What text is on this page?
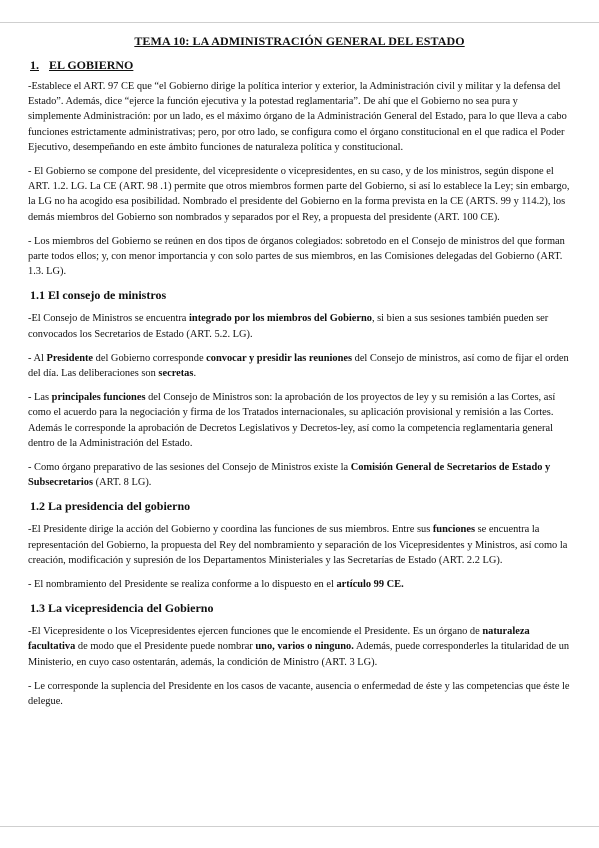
TEMA 10: LA ADMINISTRACIÓN GENERAL DEL ESTADO
1. EL GOBIERNO

-Establece el ART. 97 CE que “el Gobierno dirige la política interior y exterior, la Administración civil y militar y la defensa del Estado”. Además, dice “ejerce la función ejecutiva y la potestad reglamentaria”. De ahí que el Gobierno no sea pura y simplemente Administración: por un lado, es el máximo órgano de la Administración General del Estado, para lo que lleva a cabo funciones estrictamente administrativas; pero, por otro lado, se configura como el órgano constitucional en el que radica el Poder Ejecutivo, desempeñando en este ámbito funciones de naturaleza política y constitucional.

- El Gobierno se compone del presidente, del vicepresidente o vicepresidentes, en su caso, y de los ministros, según dispone el ART. 1.2. LG. La CE (ART. 98 .1) permite que otros miembros formen parte del Gobierno, si así lo establece la Ley; sin embargo, la LG no ha acogido esa posibilidad. Nombrado el presidente del Gobierno en la forma prevista en la CE (ARTS. 99 y 114.2), los demás miembros del Gobierno son nombrados y separados por el Rey, a propuesta del presidente (ART. 100 CE).

- Los miembros del Gobierno se reúnen en dos tipos de órganos colegiados: sobretodo en el Consejo de ministros del que forman parte todos ellos; y, con menor importancia y con solo partes de sus miembros, en las Comisiones delegadas del Gobierno (ART. 1.3. LG).

1.1 El consejo de ministros

-El Consejo de Ministros se encuentra integrado por los miembros del Gobierno, si bien a sus sesiones también pueden ser convocados los Secretarios de Estado (ART. 5.2. LG).

- Al Presidente del Gobierno corresponde convocar y presidir las reuniones del Consejo de ministros, así como de fijar el orden del día. Las deliberaciones son secretas.

- Las principales funciones del Consejo de Ministros son: la aprobación de los proyectos de ley y su remisión a las Cortes, así como el acuerdo para la negociación y firma de los Tratados internacionales, su aplicación provisional y remisión a las Cortes. Además le corresponde la aprobación de Decretos Legislativos y Decretos-ley, así como la competencia reglamentaria general dentro de la Administración del Estado.

- Como órgano preparativo de las sesiones del Consejo de Ministros existe la Comisión General de Secretarios de Estado y Subsecretarios (ART. 8 LG).

1.2 La presidencia del gobierno

-El Presidente dirige la acción del Gobierno y coordina las funciones de sus miembros. Entre sus funciones se encuentra la representación del Gobierno, la propuesta del Rey del nombramiento y separación de los Vicepresidentes y Ministros, así como la creación, modificación y supresión de los Departamentos Ministeriales y las Secretarías de Estado (ART. 2.2 LG).

- El nombramiento del Presidente se realiza conforme a lo dispuesto en el artículo 99 CE.

1.3 La vicepresidencia del Gobierno

-El Vicepresidente o los Vicepresidentes ejercen funciones que le encomiende el Presidente. Es un órgano de naturaleza facultativa de modo que el Presidente puede nombrar uno, varios o ninguno. Además, puede corresponderles la titularidad de un Ministerio, en cuyo caso ostentarán, además, la condición de Ministro (ART. 3 LG).

- Le corresponde la suplencia del Presidente en los casos de vacante, ausencia o enfermedad de éste y las competencias que éste le delegue.
